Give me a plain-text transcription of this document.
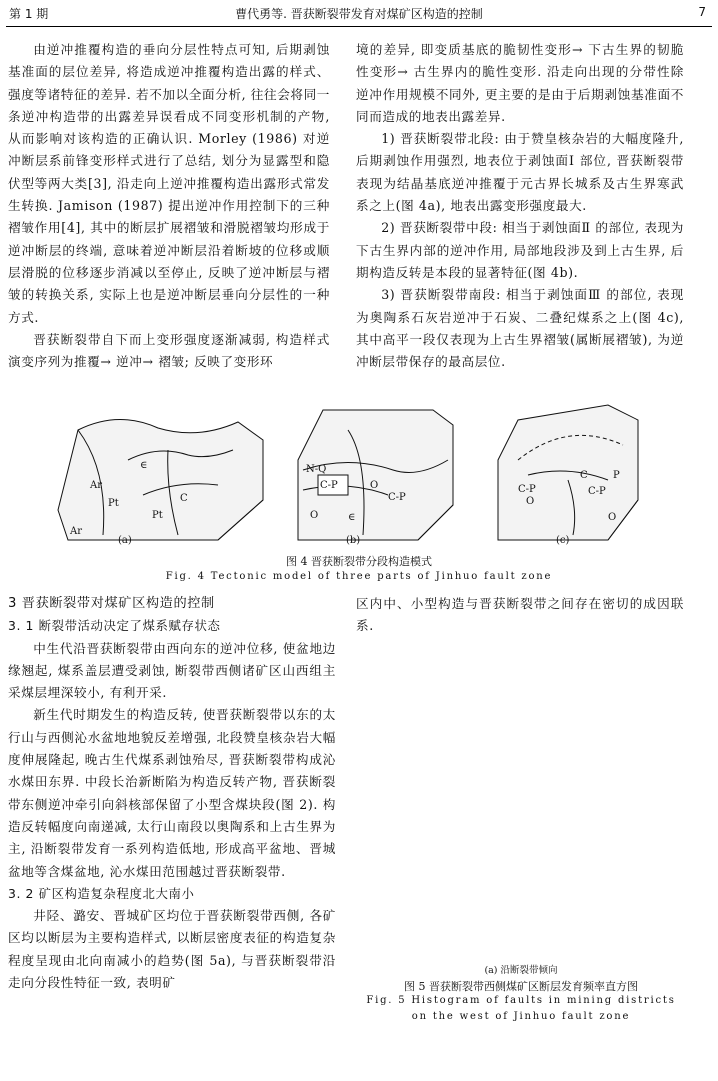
第 1 期	曹代勇等. 晋获断裂带发育对煤矿区构造的控制	7

由逆冲推覆构造的垂向分层性特点可知, 后期剥蚀基准面的层位差异, 将造成逆冲推覆构造出露的样式、强度等诸特征的差异. 若不加以全面分析, 往往会将同一条逆冲构造带的出露差异误看成不同变形机制的产物, 从而影响对该构造的正确认识. Morley (1986) 对逆冲断层系前锋变形样式进行了总结, 划分为显露型和隐伏型等两大类[3], 沿走向上逆冲推覆构造出露形式常发生转换. Jamison (1987) 提出逆冲作用控制下的三种褶皱作用[4], 其中的断层扩展褶皱和滑脱褶皱均形成于逆冲断层的终端, 意味着逆冲断层沿着断坡的位移或顺层滑脱的位移逐步消减以至停止, 反映了逆冲断层与褶皱的转换关系, 实际上也是逆冲断层垂向分层性的一种方式.

晋获断裂带自下而上变形强度逐渐减弱, 构造样式演变序列为推覆→ 逆冲→ 褶皱; 反映了变形环

境的差异, 即变质基底的脆韧性变形→ 下古生界的韧脆性变形→ 古生界内的脆性变形. 沿走向出现的分带性除逆冲作用规模不同外, 更主要的是由于后期剥蚀基准面不同而造成的地表出露差异.

1) 晋获断裂带北段: 由于赞皇核杂岩的大幅度隆升, 后期剥蚀作用强烈, 地表位于剥蚀面Ⅰ 部位, 晋获断裂带表现为结晶基底逆冲推覆于元古界长城系及古生界寒武系之上(图 4a), 地表出露变形强度最大.

2) 晋获断裂带中段: 相当于剥蚀面Ⅱ 的部位, 表现为下古生界内部的逆冲作用, 局部地段涉及到上古生界, 后期构造反转是本段的显著特征(图 4b).

3) 晋获断裂带南段: 相当于剥蚀面Ⅲ 的部位, 表现为奥陶系石灰岩逆冲于石炭、二叠纪煤系之上(图 4c), 其中高平一段仅表现为上古生界褶皱(属断展褶皱), 为逆冲断层带保存的最高层位.

(a)	(b)	(c)
Ar
∈
Pt
Pt
C
Ar
N-Q
C-P	O
∈
O
C-P
C-P
O
C-P
O
C	P
图 4 晋获断裂带分段构造模式
Fig. 4 Tectonic model of three parts of Jinhuo fault zone

3 晋获断裂带对煤矿区构造的控制

3. 1 断裂带活动决定了煤系赋存状态

中生代沿晋获断裂带由西向东的逆冲位移, 使盆地边缘翘起, 煤系盖层遭受剥蚀, 断裂带西侧诸矿区山西组主采煤层埋深较小, 有利开采.

新生代时期发生的构造反转, 使晋获断裂带以东的太行山与西侧沁水盆地地貌反差增强, 北段赞皇核杂岩大幅度伸展隆起, 晚古生代煤系剥蚀殆尽, 晋获断裂带构成沁水煤田东界. 中段长治新断陷为构造反转产物, 晋获断裂带东侧逆冲牵引向斜核部保留了小型含煤块段(图 2). 构造反转幅度向南递减, 太行山南段以奥陶系和上古生界为主, 沿断裂带发育一系列构造低地, 形成高平盆地、晋城盆地等含煤盆地, 沁水煤田范围越过晋获断裂带.

3. 2 矿区构造复杂程度北大南小

井陉、潞安、晋城矿区均位于晋获断裂带西侧, 各矿区均以断层为主要构造样式, 以断层密度表征的构造复杂程度呈现由北向南减小的趋势(图 5a), 与晋获断裂带沿走向分段性特征一致, 表明矿

区内中、小型构造与晋获断裂带之间存在密切的成因联系.

(a) 沿断裂带倾向
图 5 晋获断裂带西侧煤矿区断层发育频率直方图
Fig. 5 Histogram of faults in mining districts
on the west of Jinhuo fault zone
